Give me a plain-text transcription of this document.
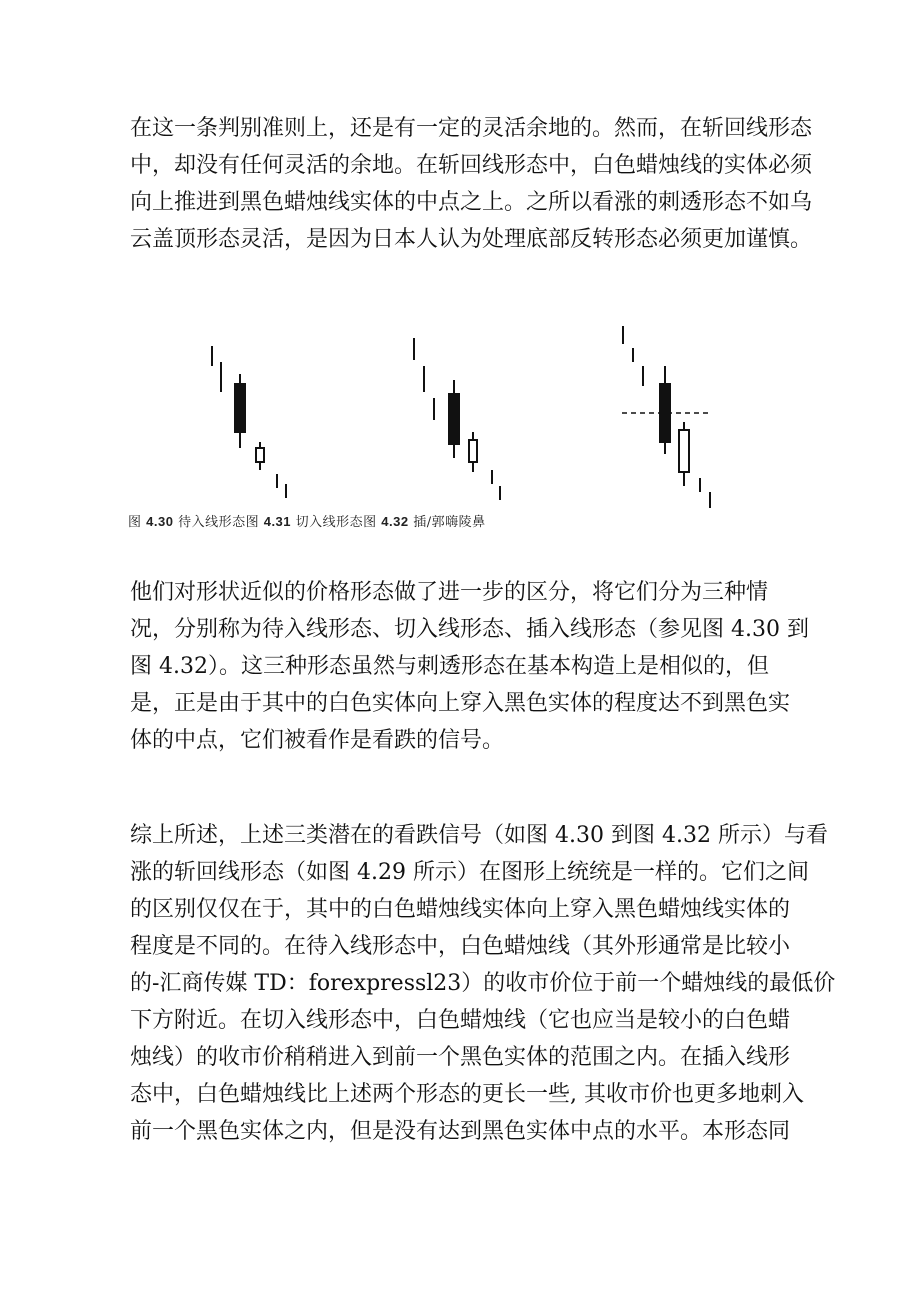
在这一条判别准则上，还是有一定的灵活余地的。然而，在斩回线形态
中，却没有任何灵活的余地。在斩回线形态中，白色蜡烛线的实体必须
向上推进到黑色蜡烛线实体的中点之上。之所以看涨的刺透形态不如乌
云盖顶形态灵活，是因为日本人认为处理底部反转形态必须更加谨慎。
图 4.30 待入线形态图 4.31 切入线形态图 4.32 插/郭嗨陵鼻
他们对形状近似的价格形态做了进一步的区分，将它们分为三种情
况，分别称为待入线形态、切入线形态、插入线形态（参见图 4.30 到
图 4.32）。这三种形态虽然与刺透形态在基本构造上是相似的，但
是，正是由于其中的白色实体向上穿入黑色实体的程度达不到黑色实
体的中点，它们被看作是看跌的信号。
综上所述，上述三类潜在的看跌信号（如图 4.30 到图 4.32 所示）与看
涨的斩回线形态（如图 4.29 所示）在图形上统统是一样的。它们之间
的区别仅仅在于，其中的白色蜡烛线实体向上穿入黑色蜡烛线实体的
程度是不同的。在待入线形态中，白色蜡烛线（其外形通常是比较小
的-汇商传媒 TD：forexpressl23）的收市价位于前一个蜡烛线的最低价
下方附近。在切入线形态中，白色蜡烛线（它也应当是较小的白色蜡
烛线）的收市价稍稍进入到前一个黑色实体的范围之内。在插入线形
态中，白色蜡烛线比上述两个形态的更长一些, 其收市价也更多地刺入
前一个黑色实体之内，但是没有达到黑色实体中点的水平。本形态同
